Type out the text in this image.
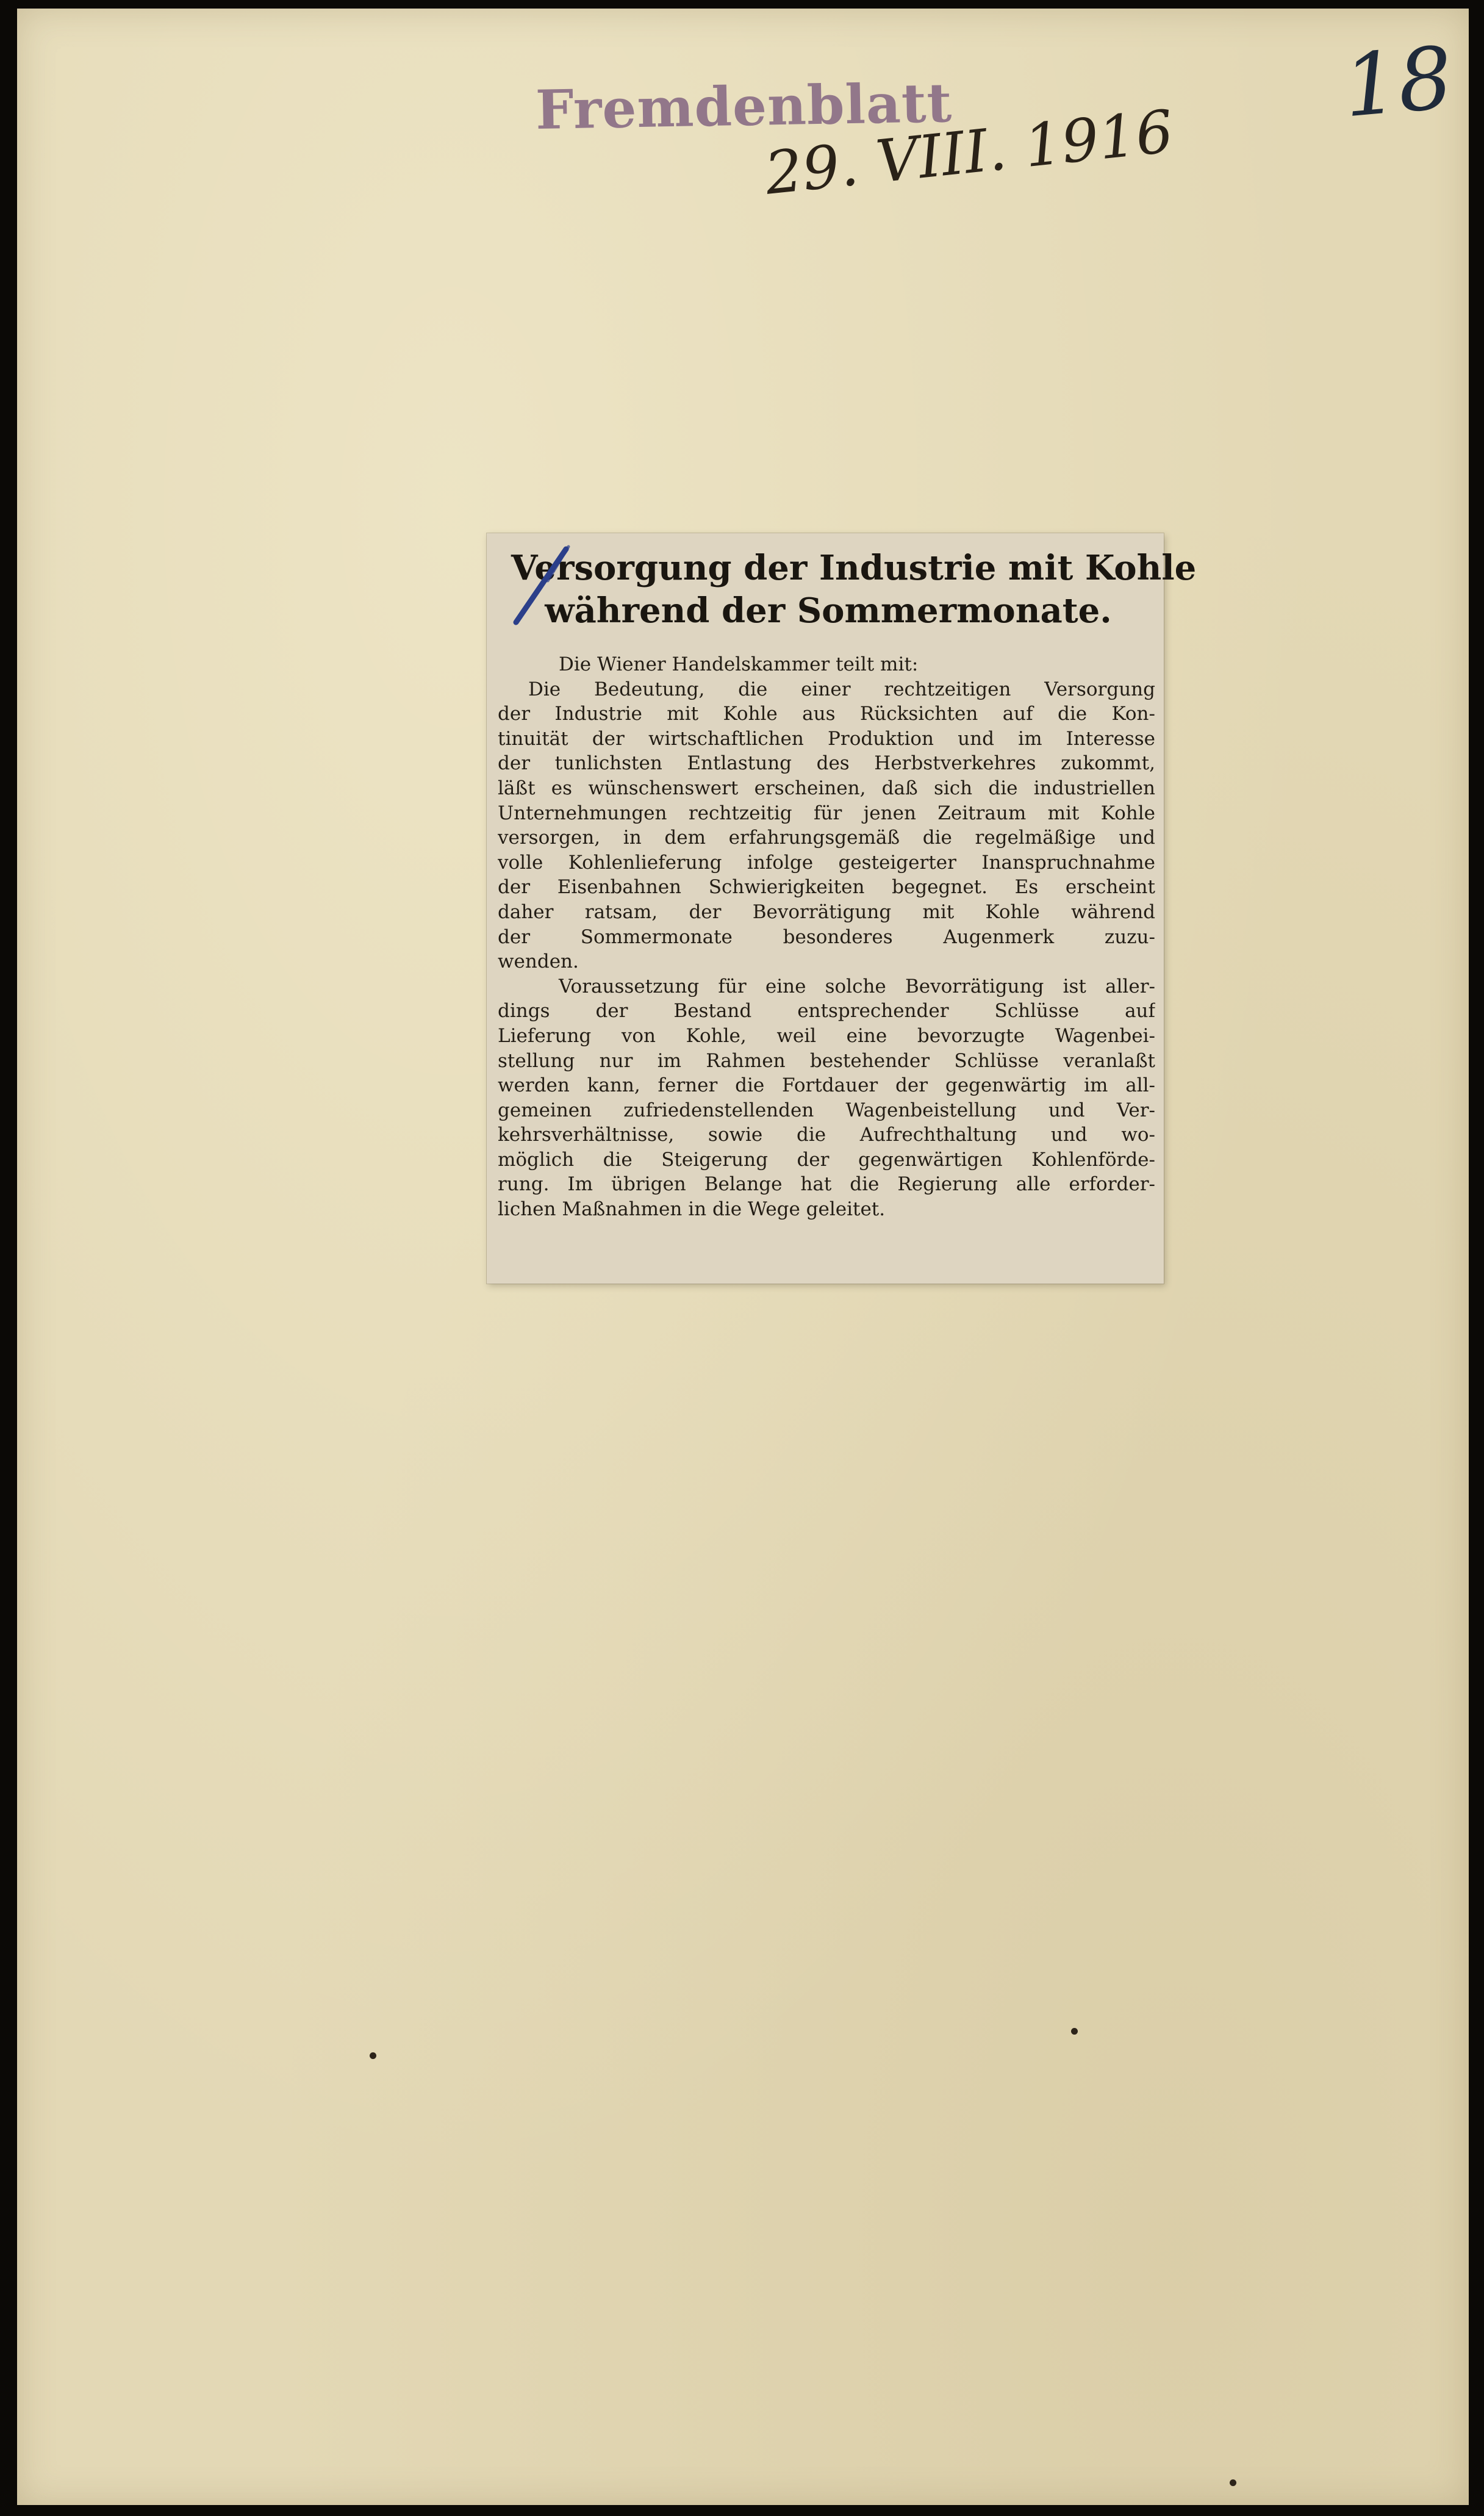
Fremdenblatt
29. VIII. 1916
18
Versorgung der Industrie mit Kohle
während der Sommermonate.
Die Wiener Handelskammer teilt mit:
Die Bedeutung, die einer rechtzeitigen Versorgung
der Industrie mit Kohle aus Rücksichten auf die Kon-
tinuität der wirtschaftlichen Produktion und im Interesse
der tunlichsten Entlastung des Herbstverkehres zukommt,
läßt es wünschenswert erscheinen, daß sich die industriellen
Unternehmungen rechtzeitig für jenen Zeitraum mit Kohle
versorgen, in dem erfahrungsgemäß die regelmäßige und
volle Kohlenlieferung infolge gesteigerter Inanspruchnahme
der Eisenbahnen Schwierigkeiten begegnet. Es erscheint
daher ratsam, der Bevorrätigung mit Kohle während
der Sommermonate besonderes Augenmerk zuzu-
wenden.
Voraussetzung für eine solche Bevorrätigung ist aller-
dings der Bestand entsprechender Schlüsse auf
Lieferung von Kohle, weil eine bevorzugte Wagenbei-
stellung nur im Rahmen bestehender Schlüsse veranlaßt
werden kann, ferner die Fortdauer der gegenwärtig im all-
gemeinen zufriedenstellenden Wagenbeistellung und Ver-
kehrsverhältnisse, sowie die Aufrechthaltung und wo-
möglich die Steigerung der gegenwärtigen Kohlenförde-
rung. Im übrigen Belange hat die Regierung alle erforder-
lichen Maßnahmen in die Wege geleitet.
